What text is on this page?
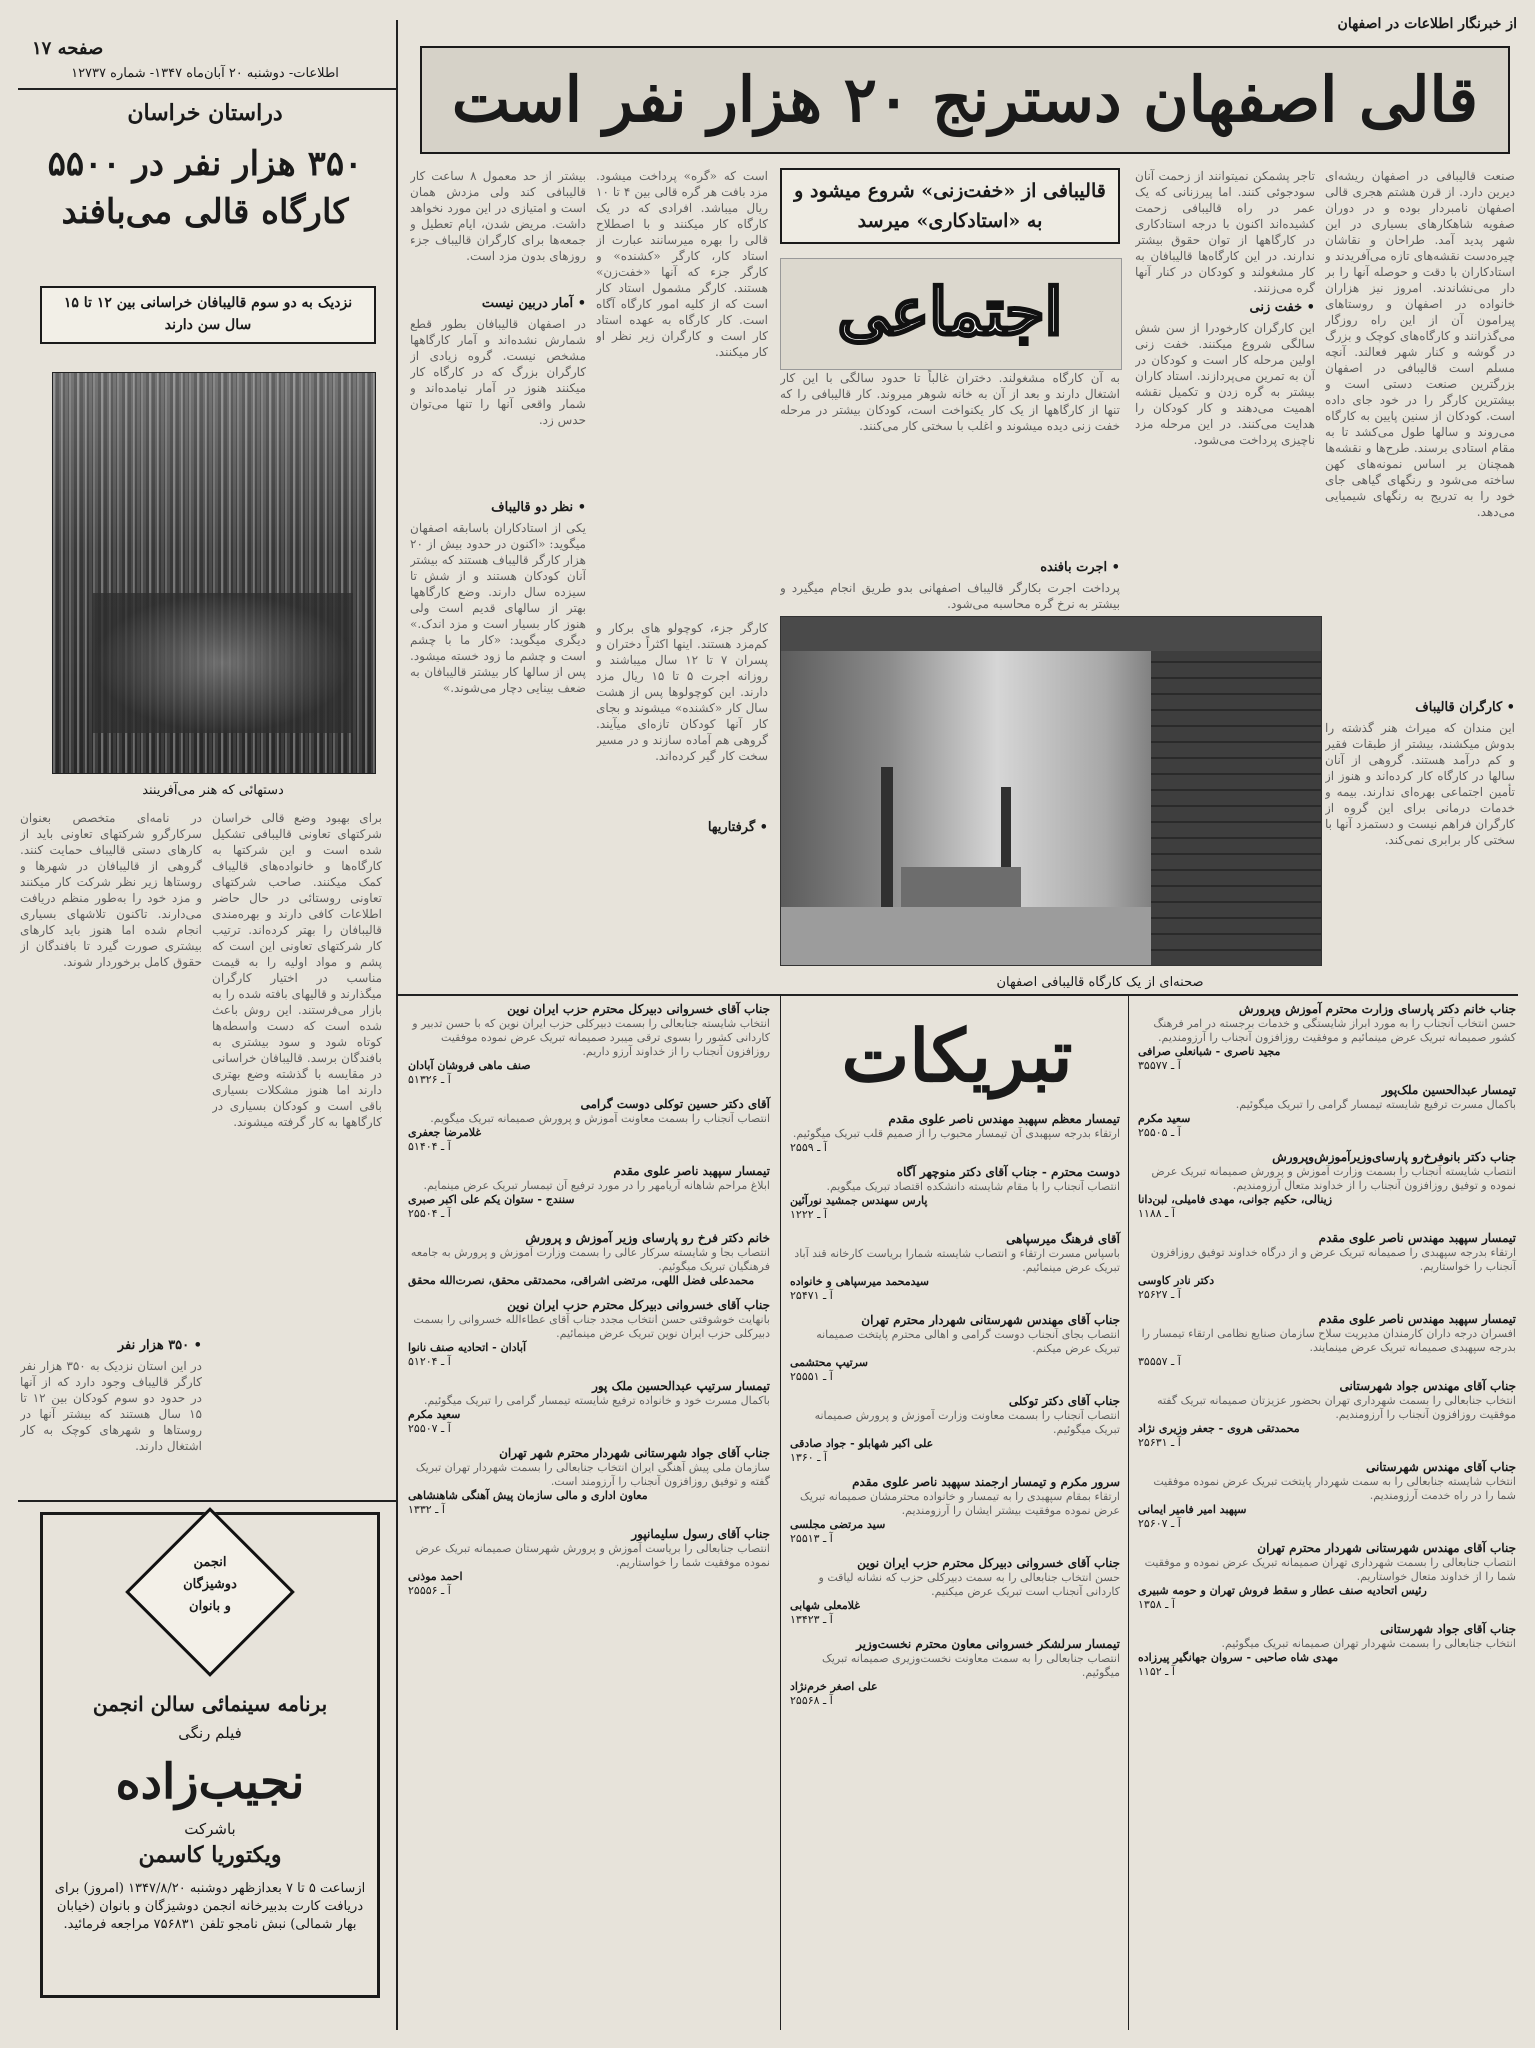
از خبرنگار اطلاعات در اصفهان
صفحه ۱۷
اطلاعات- دوشنبه ۲۰ آبان‌ماه ۱۳۴۷- شماره ۱۲۷۳۷	قالی اصفهان دسترنج ۲۰ هزار نفر است
قالیبافی از «خفت‌زنی» شروع میشود و به «استادکاری» میرسد
اجتماعی
صنعت قالیبافی در اصفهان ریشه‌ای دیرین دارد. از قرن هشتم هجری قالی اصفهان نامبردار بوده و در دوران صفویه شاهکارهای بسیاری در این شهر پدید آمد. طراحان و نقاشان چیره‌دست نقشه‌های تازه می‌آفریدند و استادکاران با دقت و حوصله آنها را بر دار می‌نشاندند. امروز نیز هزاران خانواده در اصفهان و روستاهای پیرامون آن از این راه روزگار می‌گذرانند و کارگاه‌های کوچک و بزرگ در گوشه و کنار شهر فعالند. آنچه مسلم است قالیبافی در اصفهان بزرگترین صنعت دستی است و بیشترین کارگر را در خود جای داده است. کودکان از سنین پایین به کارگاه می‌روند و سالها طول می‌کشد تا به مقام استادی برسند. طرح‌ها و نقشه‌ها همچنان بر اساس نمونه‌های کهن ساخته می‌شود و رنگهای گیاهی جای خود را به تدریج به رنگهای شیمیایی می‌دهد.
تاجر پشمکن نمیتوانند از زحمت آنان سودجوئی کنند. اما پیرزنانی که یک عمر در راه قالیبافی زحمت کشیده‌اند اکنون با درجه استادکاری در کارگاهها از توان حقوق بیشتر ندارند. در این کارگاه‌ها قالیبافان به کار مشغولند و کودکان در کنار آنها گره می‌زنند.
• خفت زنی
این کارگران کارخودرا از سن شش سالگی شروع میکنند. خفت زنی اولین مرحله کار است و کودکان در آن به تمرین می‌پردازند. استاد کاران بیشتر به گره زدن و تکمیل نقشه اهمیت می‌دهند و کار کودکان را هدایت می‌کنند. در این مرحله مزد ناچیزی پرداخت می‌شود.
• کارگران قالیباف
این مندان که میراث هنر گذشته را بدوش میکشند، بیشتر از طبقات فقیر و کم درآمد هستند. گروهی از آنان سالها در کارگاه کار کرده‌اند و هنوز از تأمین اجتماعی بهره‌ای ندارند. بیمه و خدمات درمانی برای این گروه از کارگران فراهم نیست و دستمزد آنها با سختی کار برابری نمی‌کند.
به آن کارگاه مشغولند. دختران غالباً تا حدود سالگی با این کار اشتغال دارند و بعد از آن به خانه شوهر میروند. کار قالیبافی را که تنها از کارگاهها از یک کار یکنواخت است، کودکان بیشتر در مرحله خفت زنی دیده میشوند و اغلب با سختی کار می‌کنند.
• اجرت بافنده
پرداخت اجرت بکارگر قالیباف اصفهانی بدو طریق انجام میگیرد و بیشتر به نرخ گره محاسبه می‌شود.
است که «گره» پرداخت میشود. مزد بافت هر گره قالی بین ۴ تا ۱۰ ریال میباشد. افرادی که در یک کارگاه کار میکنند و با اصطلاح قالی را بهره میرسانند عبارت از استاد کار، کارگر «کشنده» و کارگر جزء که آنها «خفت‌زن» هستند. کارگر مشمول استاد کار است که از کلیه امور کارگاه آگاه است. کار کارگاه به عهده استاد کار است و کارگران زیر نظر او کار میکنند.
بیشتر از حد معمول ۸ ساعت کار قالیبافی کند ولی مزدش همان است و امتیازی در این مورد نخواهد داشت. مریض شدن، ایام تعطیل و جمعه‌ها برای کارگران قالیباف جزء روزهای بدون مزد است.
• آمار دربین نیست
در اصفهان قالیبافان بطور قطع شمارش نشده‌اند و آمار کارگاهها مشخص نیست. گروه زیادی از کارگران بزرگ که در کارگاه کار میکنند هنوز در آمار نیامده‌اند و شمار واقعی آنها را تنها می‌توان حدس زد.
• نظر دو قالیباف
یکی از استادکاران باسابقه اصفهان میگوید: «اکنون در حدود بیش از ۲۰ هزار کارگر قالیباف هستند که بیشتر آنان کودکان هستند و از شش تا سیزده سال دارند. وضع کارگاهها بهتر از سالهای قدیم است ولی هنوز کار بسیار است و مزد اندک.» دیگری میگوید: «کار ما با چشم است و چشم ما زود خسته میشود. پس از سالها کار بیشتر قالیبافان به ضعف بینایی دچار می‌شوند.»
کارگر جزء، کوچولو های برکار و کم‌مزد هستند. اینها اکثراً دختران و پسران ۷ تا ۱۲ سال میباشند و روزانه اجرت ۵ تا ۱۵ ریال مزد دارند. این کوچولوها پس از هشت سال کار «کشنده» میشوند و بجای کار آنها کودکان تازه‌ای میآیند. گروهی هم آماده سازند و در مسیر سخت کار گیر کرده‌اند.
• گرفتاریها
صحنه‌ای از یک کارگاه قالیبافی اصفهان
دراستان خراسان
۳۵۰ هزار نفر در ۵۵۰۰ کارگاه قالی می‌بافند
نزدیک به دو سوم قالیبافان خراسانی بین ۱۲ تا ۱۵ سال سن دارند
دستهائی که هنر می‌آفرینند
برای بهبود وضع قالی خراسان شرکتهای تعاونی قالیبافی تشکیل شده است و این شرکتها به کارگاه‌ها و خانواده‌های قالیباف کمک میکنند. صاحب شرکتهای تعاونی روستائی در حال حاضر اطلاعات کافی دارند و بهره‌مندی قالیبافان را بهتر کرده‌اند. ترتیب کار شرکتهای تعاونی این است که پشم و مواد اولیه را به قیمت مناسب در اختیار کارگران میگذارند و قالیهای بافته شده را به بازار می‌فرستند. این روش باعث شده است که دست واسطه‌ها کوتاه شود و سود بیشتری به بافندگان برسد. قالیبافان خراسانی در مقایسه با گذشته وضع بهتری دارند اما هنوز مشکلات بسیاری باقی است و کودکان بسیاری در کارگاهها به کار گرفته میشوند.
در نامه‌ای متخصص بعنوان سرکارگرو شرکتهای تعاونی باید از کارهای دستی قالیباف حمایت کنند. گروهی از قالیبافان در شهرها و روستاها زیر نظر شرکت کار میکنند و مزد خود را به‌طور منظم دریافت می‌دارند. تاکنون تلاشهای بسیاری انجام شده اما هنوز باید کارهای بیشتری صورت گیرد تا بافندگان از حقوق کامل برخوردار شوند.
• ۳۵۰ هزار نفر
در این استان نزدیک به ۳۵۰ هزار نفر کارگر قالیباف وجود دارد که از آنها در حدود دو سوم کودکان بین ۱۲ تا ۱۵ سال هستند که بیشتر آنها در روستاها و شهرهای کوچک به کار اشتغال دارند.
انجمن
دوشیزگان
و بانوان
برنامه سینمائی سالن انجمن
فیلم رنگی
نجیب‌زاده
باشرکت
ویکتوریا کاسمن
ازساعت ۵ تا ۷ بعدازظهر دوشنبه ۱۳۴۷/۸/۲۰ (امروز) برای دریافت کارت بدبیرخانه انجمن دوشیزگان و بانوان (خیابان بهار شمالی) نبش نامجو تلفن ۷۵۶۸۳۱ مراجعه فرمائید.
تبریکات
جناب خانم دکتر پارسای وزارت محترم آموزش وپرورش
حسن انتخاب آنجناب را به مورد ابراز شایستگی و خدمات برجسته در امر فرهنگ کشور صمیمانه تبریک عرض مینمائیم و موفقیت روزافزون آنجناب را آرزومندیم.
مجید ناصری - شبانعلی صرافی
آ ـ ۳۵۵۷۷
تیمسار عبدالحسین ملک‌پور
باکمال مسرت ترفیع شایسته تیمسار گرامی را تبریک میگوئیم.
سعید مکرم
آ ـ ۲۵۵۰۵
جناب دکتر بانوفرخ‌رو پارسای‌وزیرآموزش‌وپرورش
انتصاب شایسته آنجناب را بسمت وزارت آموزش و پرورش صمیمانه تبریک عرض نموده و توفیق روزافزون آنجناب را از خداوند متعال آرزومندیم.
زینالی، حکیم جوانی، مهدی فامیلی، لبن‌دانا
آ ـ ۱۱۸۸
تیمسار سپهبد مهندس ناصر علوی مقدم
ارتقاء بدرجه سپهبدی را صمیمانه تبریک عرض و از درگاه خداوند توفیق روزافزون آنجناب را خواستاریم.
دکتر نادر کاوسی
آ ـ ۲۵۶۲۷
تیمسار سپهبد مهندس ناصر علوی مقدم
افسران درجه داران کارمندان مدیریت سلاح سازمان صنایع نظامی ارتقاء تیمسار را بدرجه سپهبدی صمیمانه تبریک عرض مینمایند.
آ ـ ۳۵۵۵۷
جناب آقای مهندس جواد شهرستانی
انتخاب جنابعالی را بسمت شهرداری تهران بحضور عزیزتان صمیمانه تبریک گفته موفقیت روزافزون آنجناب را آرزومندیم.
محمدتقی هروی - جعفر وزیری نژاد
آ ـ ۲۵۶۳۱
جناب آقای مهندس شهرستانی
انتخاب شایسته جنابعالی را به سمت شهردار پایتخت تبریک عرض نموده موفقیت شما را در راه خدمت آرزومندیم.
سپهبد امیر فامیر ایمانی
آ ـ ۲۵۶۰۷
جناب آقای مهندس شهرستانی شهردار محترم تهران
انتصاب جنابعالی را بسمت شهرداری تهران صمیمانه تبریک عرض نموده و موفقیت شما را از خداوند متعال خواستاریم.
رئیس اتحادیه صنف عطار و سقط فروش تهران و حومه شبیری
آ ـ ۱۳۵۸
جناب آقای جواد شهرستانی
انتخاب جنابعالی را بسمت شهردار تهران صمیمانه تبریک میگوئیم.
مهدی شاه صاحبی - سروان جهانگیر پیرزاده
آ ـ ۱۱۵۲
تیمسار معظم سپهبد مهندس ناصر علوی مقدم
ارتقاء بدرجه سپهبدی آن تیمسار محبوب را از صمیم قلب تبریک میگوئیم.
آ ـ ۲۵۵۹
دوست محترم - جناب آقای دکتر منوچهر آگاه
انتصاب آنجناب را با مقام شایسته دانشکده اقتصاد تبریک میگویم.
پارس سهندس جمشید نورآئین
آ ـ ۱۲۲۲
آقای فرهنگ میرسپاهی
باسپاس مسرت ارتقاء و انتصاب شایسته شمارا بریاست کارخانه قند آباد تبریک عرض مینمائیم.
سیدمحمد میرسپاهی و خانواده
آ ـ ۲۵۴۷۱
جناب آقای مهندس شهرستانی شهردار محترم تهران
انتصاب بجای آنجناب دوست گرامی و اهالی محترم پایتخت صمیمانه تبریک عرض میکنم.
سرتیپ محتشمی
آ ـ ۲۵۵۵۱
جناب آقای دکتر توکلی
انتصاب آنجناب را بسمت معاونت وزارت آموزش و پرورش صمیمانه تبریک میگوئیم.
علی اکبر شهابلو - جواد صادقی
آ ـ ۱۳۶۰
سرور مکرم و تیمسار ارجمند سپهبد ناصر علوی مقدم
ارتقاء بمقام سپهبدی را به تیمسار و خانواده محترمشان صمیمانه تبریک عرض نموده موفقیت بیشتر ایشان را آرزومندیم.
سید مرتضی مجلسی
آ ـ ۲۵۵۱۳
جناب آقای خسروانی دبیرکل محترم حزب ایران نوین
حسن انتخاب جنابعالی را به سمت دبیرکلی حزب که نشانه لیاقت و کاردانی آنجناب است تبریک عرض میکنیم.
غلامعلی شهابی
آ ـ ۱۳۴۲۳
تیمسار سرلشکر خسروانی معاون محترم نخست‌وزیر
انتصاب جنابعالی را به سمت معاونت نخست‌وزیری صمیمانه تبریک میگوئیم.
علی اصغر خرم‌نژاد
آ ـ ۲۵۵۶۸
جناب آقای خسروانی دبیرکل محترم حزب ایران نوین
انتخاب شایسته جنابعالی را بسمت دبیرکلی حزب ایران نوین که با حسن تدبیر و کاردانی کشور را بسوی ترقی میبرد صمیمانه تبریک عرض نموده موفقیت روزافزون آنجناب را از خداوند آرزو داریم.
صنف ماهی فروشان آبادان
آ ـ ۵۱۳۲۶
آقای دکتر حسین توکلی دوست گرامی
انتصاب آنجناب را بسمت معاونت آموزش و پرورش صمیمانه تبریک میگویم.
غلامرضا جعفری
آ ـ ۵۱۴۰۴
تیمسار سپهبد ناصر علوی مقدم
ابلاغ مراحم شاهانه آریامهر را در مورد ترفیع آن تیمسار تبریک عرض مینمایم.
سنندج - ستوان یکم علی اکبر صبری
آ ـ ۲۵۵۰۴
خانم دکتر فرخ رو پارسای وزیر آموزش و پرورش
انتصاب بجا و شایسته سرکار عالی را بسمت وزارت آموزش و پرورش به جامعه فرهنگیان تبریک میگوئیم.
محمدعلی فضل اللهی، مرتضی اشراقی، محمدتقی محقق، نصرت‌الله محقق
جناب آقای خسروانی دبیرکل محترم حزب ایران نوین
بانهایت خوشوقتی حسن انتخاب مجدد جناب آقای عطاءالله خسروانی را بسمت دبیرکلی حزب ایران نوین تبریک عرض مینمائیم.
آبادان - اتحادیه صنف نانوا
آ ـ ۵۱۲۰۴
تیمسار سرتیپ عبدالحسین ملک پور
باکمال مسرت خود و خانواده ترفیع شایسته تیمسار گرامی را تبریک میگوئیم.
سعید مکرم
آ ـ ۲۵۵۰۷
جناب آقای جواد شهرستانی شهردار محترم شهر تهران
سازمان ملی پیش آهنگی ایران انتخاب جنابعالی را بسمت شهردار تهران تبریک گفته و توفیق روزافزون آنجناب را آرزومند است.
معاون اداری و مالی سازمان پیش آهنگی شاهنشاهی
آ ـ ۱۳۳۲
جناب آقای رسول سلیمانپور
انتصاب جنابعالی را بریاست آموزش و پرورش شهرستان صمیمانه تبریک عرض نموده موفقیت شما را خواستاریم.
احمد موذنی
آ ـ ۲۵۵۵۶
